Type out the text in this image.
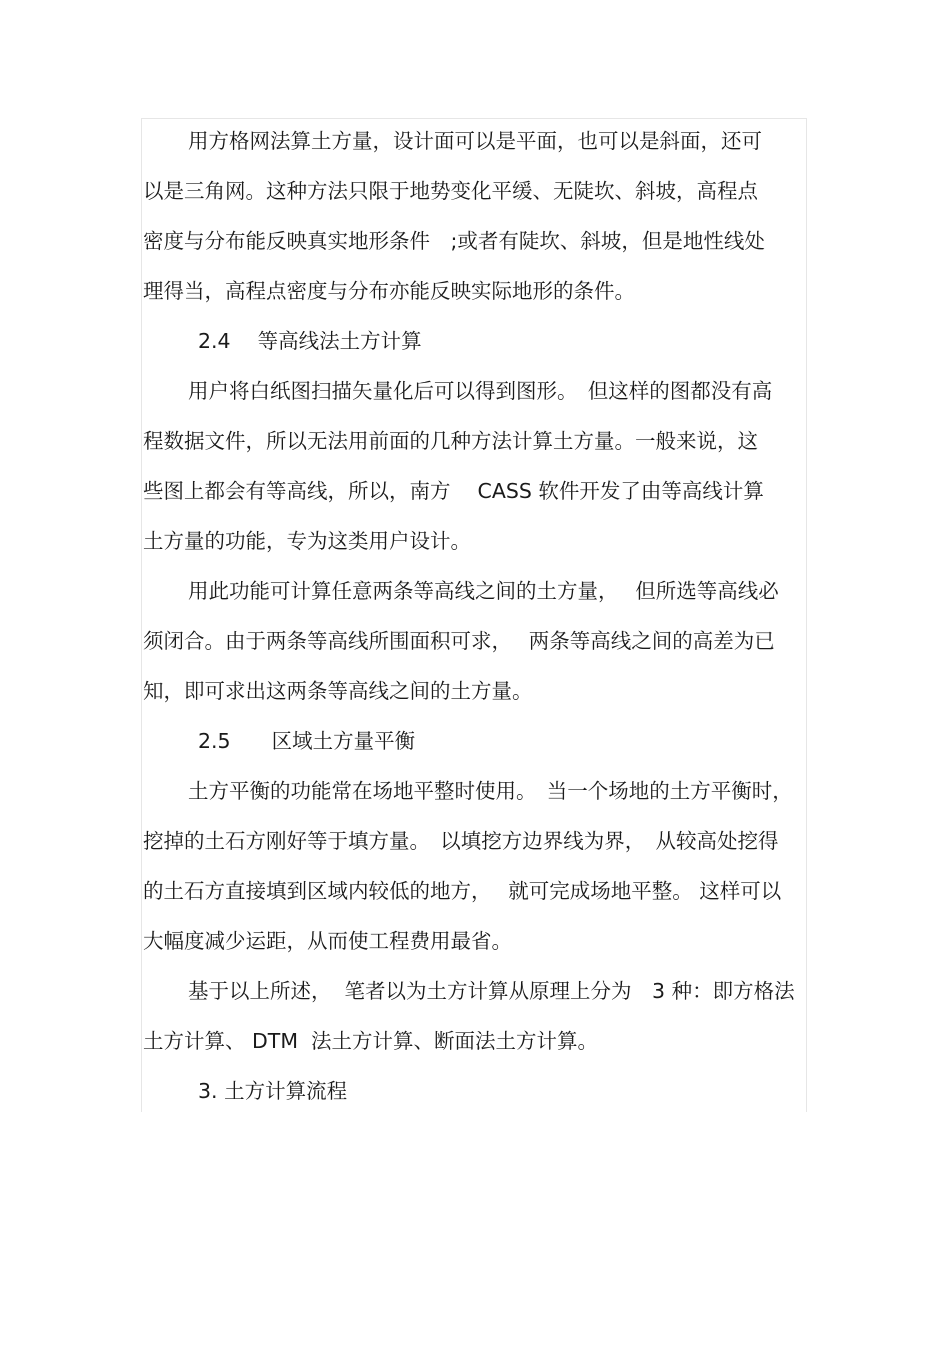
用方格网法算土方量，设计面可以是平面，也可以是斜面，还可
以是三角网。这种方法只限于地势变化平缓、无陡坎、斜坡，高程点
密度与分布能反映真实地形条件　;或者有陡坎、斜坡，但是地性线处
理得当，高程点密度与分布亦能反映实际地形的条件。
2.4　 等高线法土方计算
用户将白纸图扫描矢量化后可以得到图形。　但这样的图都没有高
程数据文件，所以无法用前面的几种方法计算土方量。一般来说，这
些图上都会有等高线，所以，南方　 CASS 软件开发了由等高线计算
土方量的功能，专为这类用户设计。
用此功能可计算任意两条等高线之间的土方量，　 但所选等高线必
须闭合。由于两条等高线所围面积可求，　 两条等高线之间的高差为已
知，即可求出这两条等高线之间的土方量。
2.5　　区域土方量平衡
土方平衡的功能常在场地平整时使用。　当一个场地的土方平衡时，
挖掉的土石方刚好等于填方量。　以填挖方边界线为界，　从较高处挖得
的土石方直接填到区域内较低的地方，　 就可完成场地平整。 这样可以
大幅度减少运距，从而使工程费用最省。
基于以上所述，  笔者以为土方计算从原理上分为　3 种：即方格法
土方计算、 DTM  法土方计算、断面法土方计算。
3. 土方计算流程
